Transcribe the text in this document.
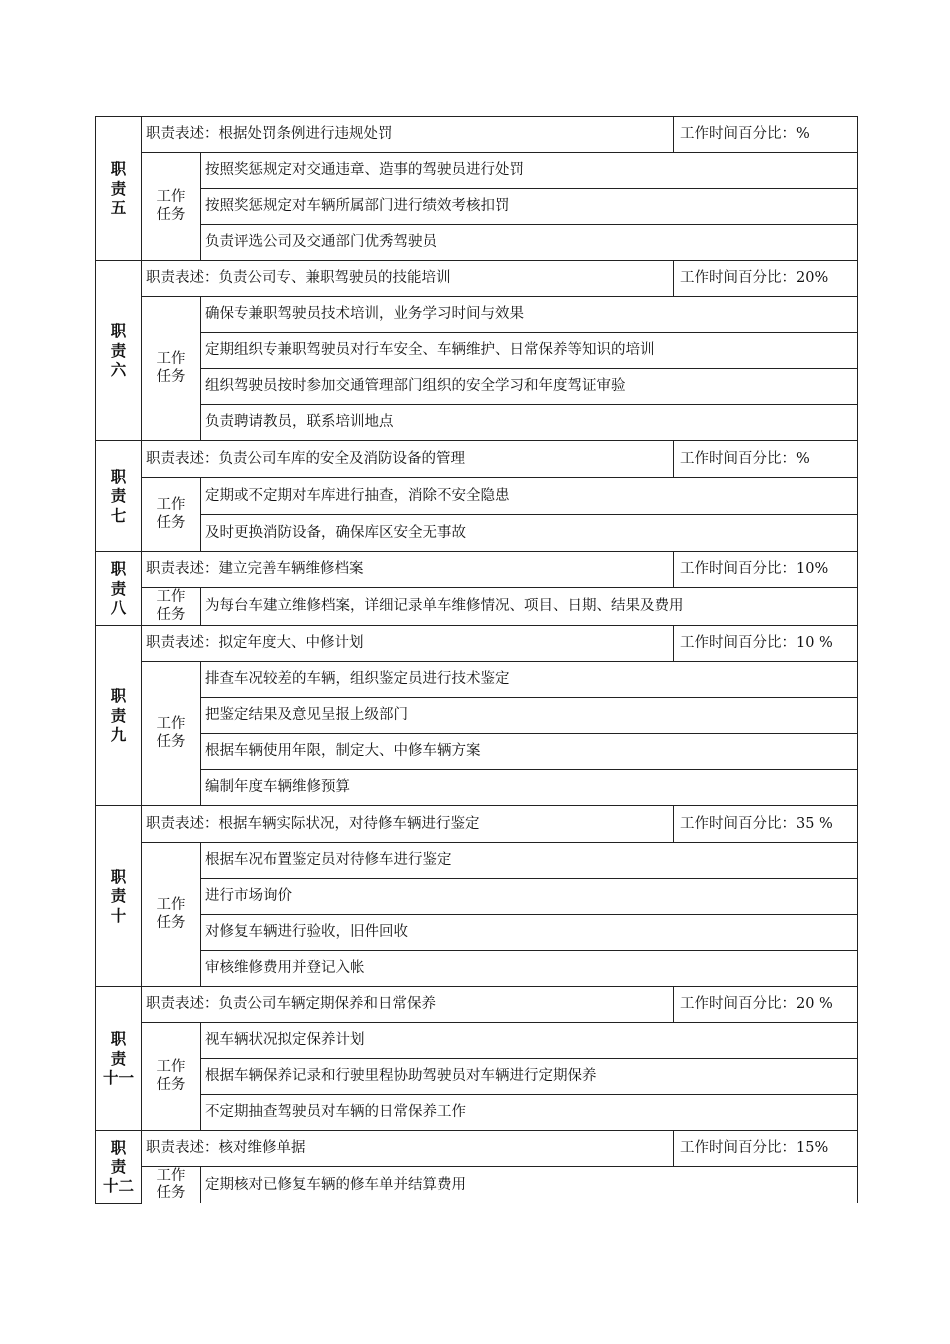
职
责
五	职责表述：根据处罚条例进行违规处罚		工作时间百分比：%

	工作
任务	按照奖惩规定对交通违章、造事的驾驶员进行处罚	
		按照奖惩规定对车辆所属部门进行绩效考核扣罚	
		负责评选公司及交通部门优秀驾驶员	

职
责
六	职责表述：负责公司专、兼职驾驶员的技能培训		工作时间百分比：20%

	工作
任务	确保专兼职驾驶员技术培训，业务学习时间与效果	
		定期组织专兼职驾驶员对行车安全、车辆维护、日常保养等知识的培训	
		组织驾驶员按时参加交通管理部门组织的安全学习和年度驾证审验	
		负责聘请教员，联系培训地点	

职
责
七	职责表述：负责公司车库的安全及消防设备的管理		工作时间百分比：%

	工作
任务	定期或不定期对车库进行抽查，消除不安全隐患	
		及时更换消防设备，确保库区安全无事故	

职
责
八	职责表述：建立完善车辆维修档案		工作时间百分比：10%

	工作
任务	为每台车建立维修档案，详细记录单车维修情况、项目、日期、结果及费用	

职
责
九	职责表述：拟定年度大、中修计划		工作时间百分比：10 %

	工作
任务	排查车况较差的车辆，组织鉴定员进行技术鉴定	
		把鉴定结果及意见呈报上级部门	
		根据车辆使用年限，制定大、中修车辆方案	
		编制年度车辆维修预算	

职
责
十	职责表述：根据车辆实际状况，对待修车辆进行鉴定		工作时间百分比：35 %

	工作
任务	根据车况布置鉴定员对待修车进行鉴定	
		进行市场询价	
		对修复车辆进行验收，旧件回收	
		审核维修费用并登记入帐	

职
责
十一	职责表述：负责公司车辆定期保养和日常保养		工作时间百分比：20 %

	工作
任务	视车辆状况拟定保养计划	
		根据车辆保养记录和行驶里程协助驾驶员对车辆进行定期保养	
		不定期抽查驾驶员对车辆的日常保养工作	

职
责
十二	职责表述：核对维修单据		工作时间百分比：15%

	工作
任务	定期核对已修复车辆的修车单并结算费用	
